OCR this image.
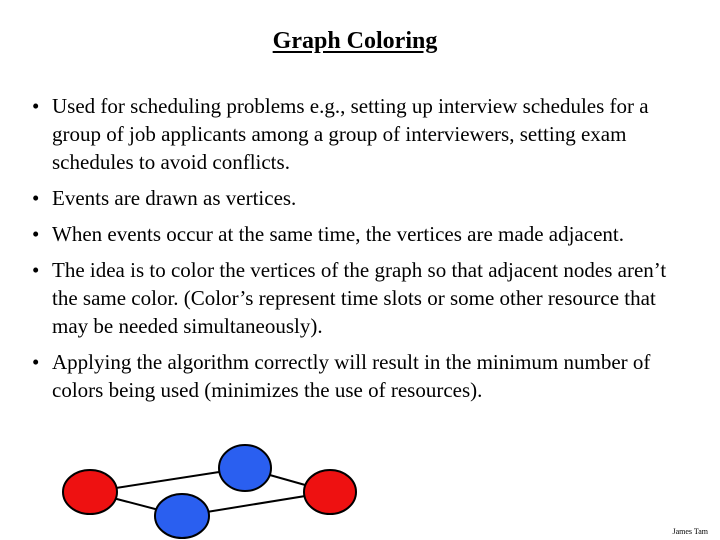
Graph Coloring
• Used for scheduling problems e.g., setting up interview schedules for a group of job applicants among a group of interviewers, setting exam schedules to avoid conflicts.
• Events are drawn as vertices.
• When events occur at the same time, the vertices are made adjacent.
• The idea is to color the vertices of the graph so that adjacent nodes aren’t the same color. (Color’s represent time slots or some other resource that may be needed simultaneously).
• Applying the algorithm correctly will result in the minimum number of colors being used (minimizes the use of resources).
James Tam
